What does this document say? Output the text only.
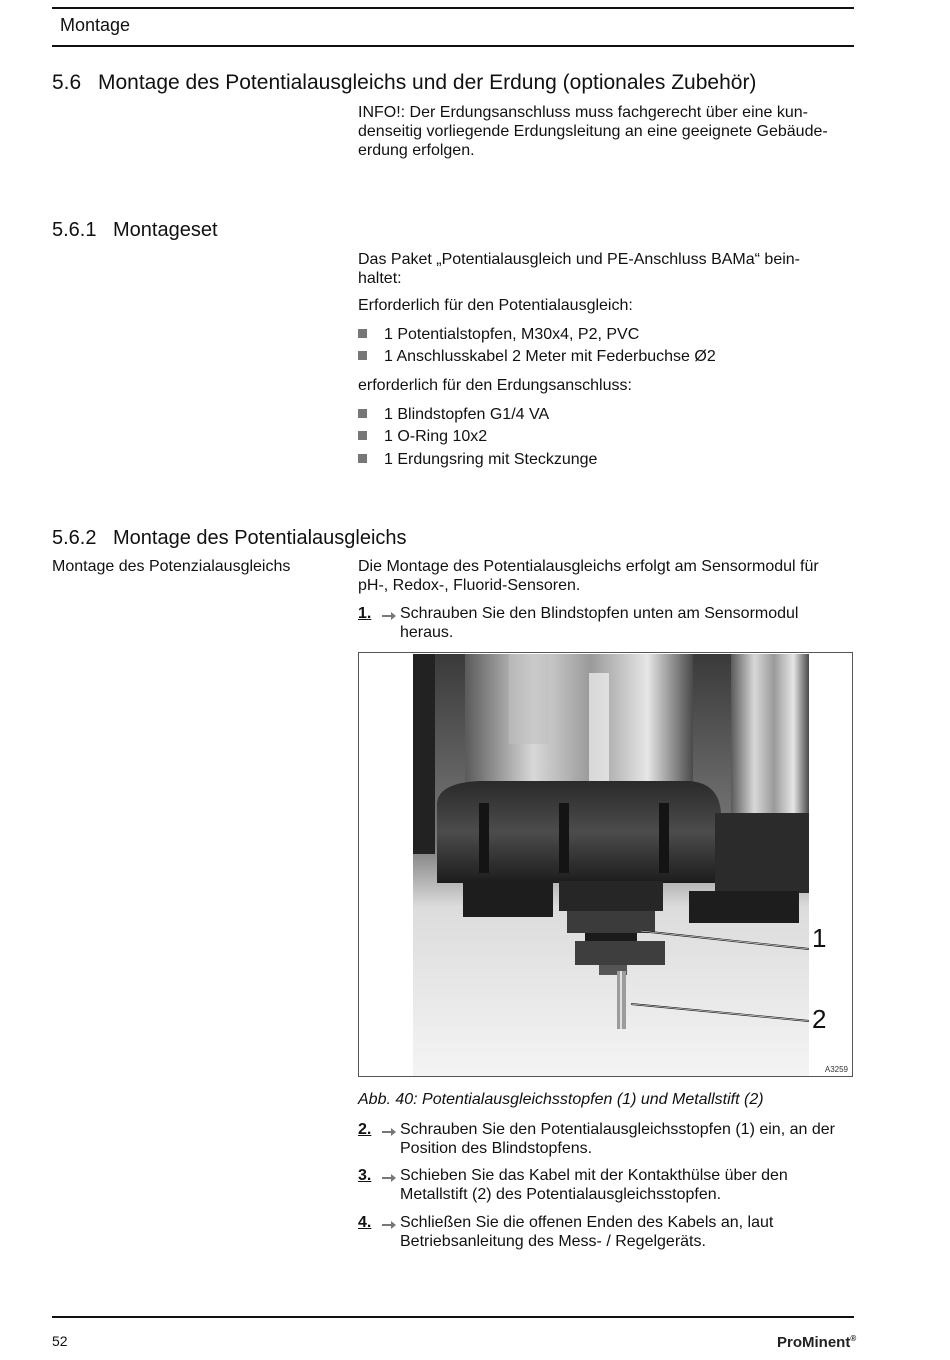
Montage
5.6 Montage des Potentialausgleichs und der Erdung (optionales Zubehör)
INFO!: Der Erdungsanschluss muss fachgerecht über eine kun-
denseitig vorliegende Erdungsleitung an eine geeignete Gebäude-
erdung erfolgen.
5.6.1 Montageset
Das Paket „Potentialausgleich und PE-Anschluss BAMa“ bein-
haltet:
Erforderlich für den Potentialausgleich:
1 Potentialstopfen, M30x4, P2, PVC
1 Anschlusskabel 2 Meter mit Federbuchse Ø2
erforderlich für den Erdungsanschluss:
1 Blindstopfen G1/4 VA
1 O-Ring 10x2
1 Erdungsring mit Steckzunge
5.6.2 Montage des Potentialausgleichs
Montage des Potenzialausgleichs	Die Montage des Potentialausgleichs erfolgt am Sensormodul für
pH-, Redox-, Fluorid-Sensoren.
1. Schrauben Sie den Blindstopfen unten am Sensormodul
heraus.
1
2
A3259
Abb. 40: Potentialausgleichsstopfen (1) und Metallstift (2)
2. Schrauben Sie den Potentialausgleichsstopfen (1) ein, an der
Position des Blindstopfens.
3. Schieben Sie das Kabel mit der Kontakthülse über den
Metallstift (2) des Potentialausgleichsstopfen.
4. Schließen Sie die offenen Enden des Kabels an, laut
Betriebsanleitung des Mess- / Regelgeräts.
52	ProMinent®
